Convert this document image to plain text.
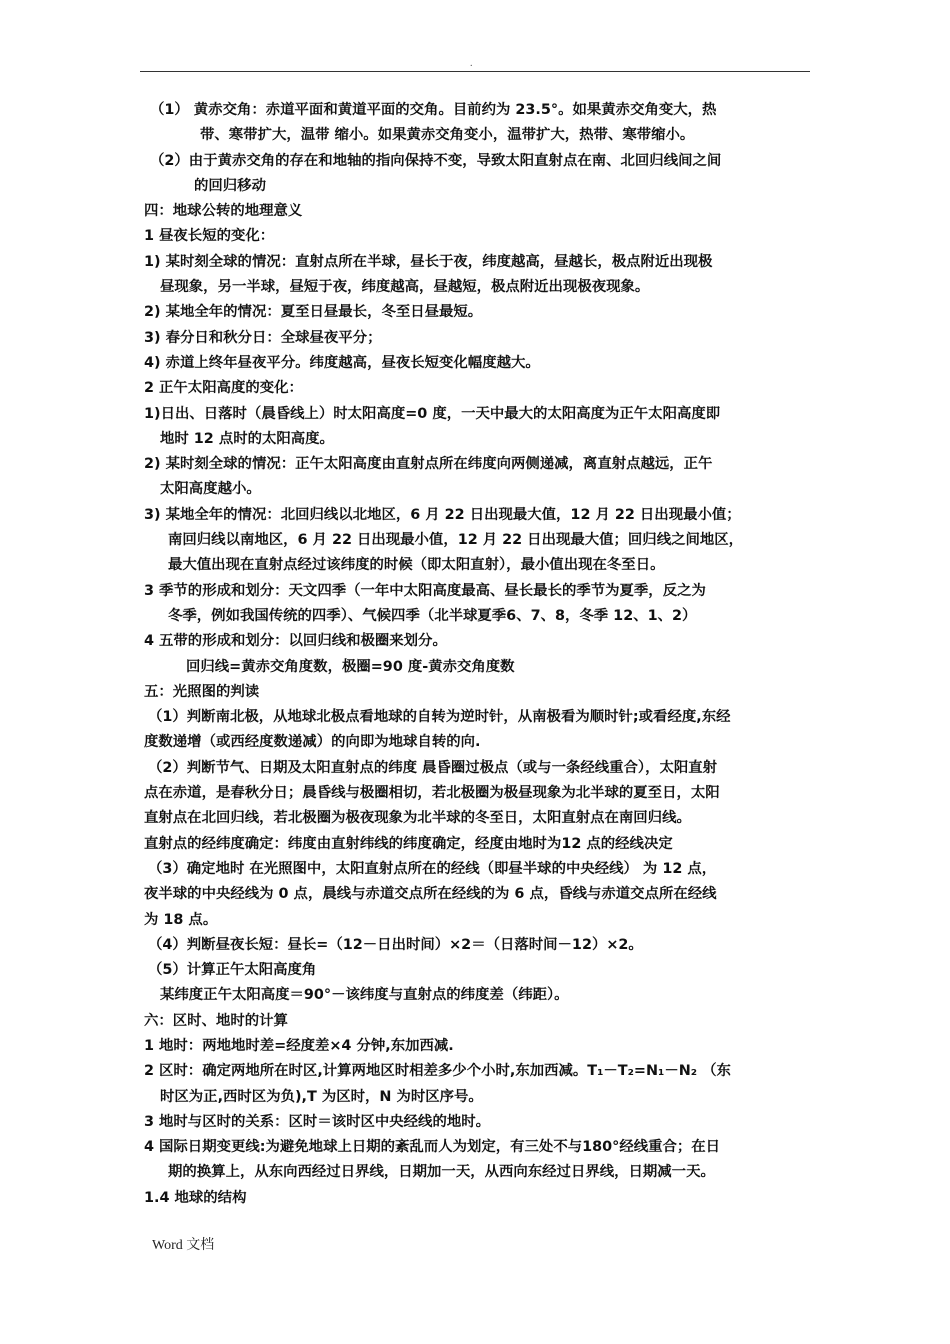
.
（1） 黄赤交角：赤道平面和黄道平面的交角。目前约为 23.5°。如果黄赤交角变大，热
带、寒带扩大，温带 缩小。如果黄赤交角变小，温带扩大，热带、寒带缩小。
（2）由于黄赤交角的存在和地轴的指向保持不变，导致太阳直射点在南、北回归线间之间
的回归移动
四：地球公转的地理意义
1 昼夜长短的变化：
1) 某时刻全球的情况：直射点所在半球，昼长于夜，纬度越高，昼越长，极点附近出现极
昼现象，另一半球，昼短于夜，纬度越高，昼越短，极点附近出现极夜现象。
2) 某地全年的情况：夏至日昼最长，冬至日昼最短。
3) 春分日和秋分日：全球昼夜平分；
4) 赤道上终年昼夜平分。纬度越高，昼夜长短变化幅度越大。
2 正午太阳高度的变化：
1)日出、日落时（晨昏线上）时太阳高度=0 度，一天中最大的太阳高度为正午太阳高度即
地时 12 点时的太阳高度。
2) 某时刻全球的情况：正午太阳高度由直射点所在纬度向两侧递减，离直射点越远，正午
太阳高度越小。
3) 某地全年的情况：北回归线以北地区，6 月 22 日出现最大值，12 月 22 日出现最小值；
南回归线以南地区，6 月 22 日出现最小值，12 月 22 日出现最大值；回归线之间地区，
最大值出现在直射点经过该纬度的时候（即太阳直射），最小值出现在冬至日。
3 季节的形成和划分：天文四季（一年中太阳高度最高、昼长最长的季节为夏季，反之为
冬季，例如我国传统的四季）、气候四季（北半球夏季6、7、8，冬季 12、1、2）
4 五带的形成和划分：以回归线和极圈来划分。
回归线=黄赤交角度数，极圈=90 度-黄赤交角度数
五：光照图的判读
（1）判断南北极，从地球北极点看地球的自转为逆时针，从南极看为顺时针;或看经度,东经
度数递增（或西经度数递减）的向即为地球自转的向.
（2）判断节气、日期及太阳直射点的纬度 晨昏圈过极点（或与一条经线重合），太阳直射
点在赤道，是春秋分日；晨昏线与极圈相切，若北极圈为极昼现象为北半球的夏至日，太阳
直射点在北回归线，若北极圈为极夜现象为北半球的冬至日，太阳直射点在南回归线。
直射点的经纬度确定：纬度由直射纬线的纬度确定，经度由地时为12 点的经线决定
（3）确定地时 在光照图中，太阳直射点所在的经线（即昼半球的中央经线） 为 12 点，
夜半球的中央经线为 0 点，晨线与赤道交点所在经线的为 6 点，昏线与赤道交点所在经线
为 18 点。
（4）判断昼夜长短：昼长=（12－日出时间）×2＝（日落时间－12）×2。
（5）计算正午太阳高度角
某纬度正午太阳高度＝90°－该纬度与直射点的纬度差（纬距）。
六：区时、地时的计算
1 地时：两地地时差=经度差×4 分钟,东加西减.
2 区时：确定两地所在时区,计算两地区时相差多少个小时,东加西减。T₁－T₂=N₁－N₂ （东
时区为正,西时区为负),T 为区时，N 为时区序号。
3 地时与区时的关系：区时＝该时区中央经线的地时。
4 国际日期变更线:为避免地球上日期的紊乱而人为划定，有三处不与180°经线重合；在日
期的换算上，从东向西经过日界线，日期加一天，从西向东经过日界线，日期减一天。
1.4 地球的结构
Word 文档
